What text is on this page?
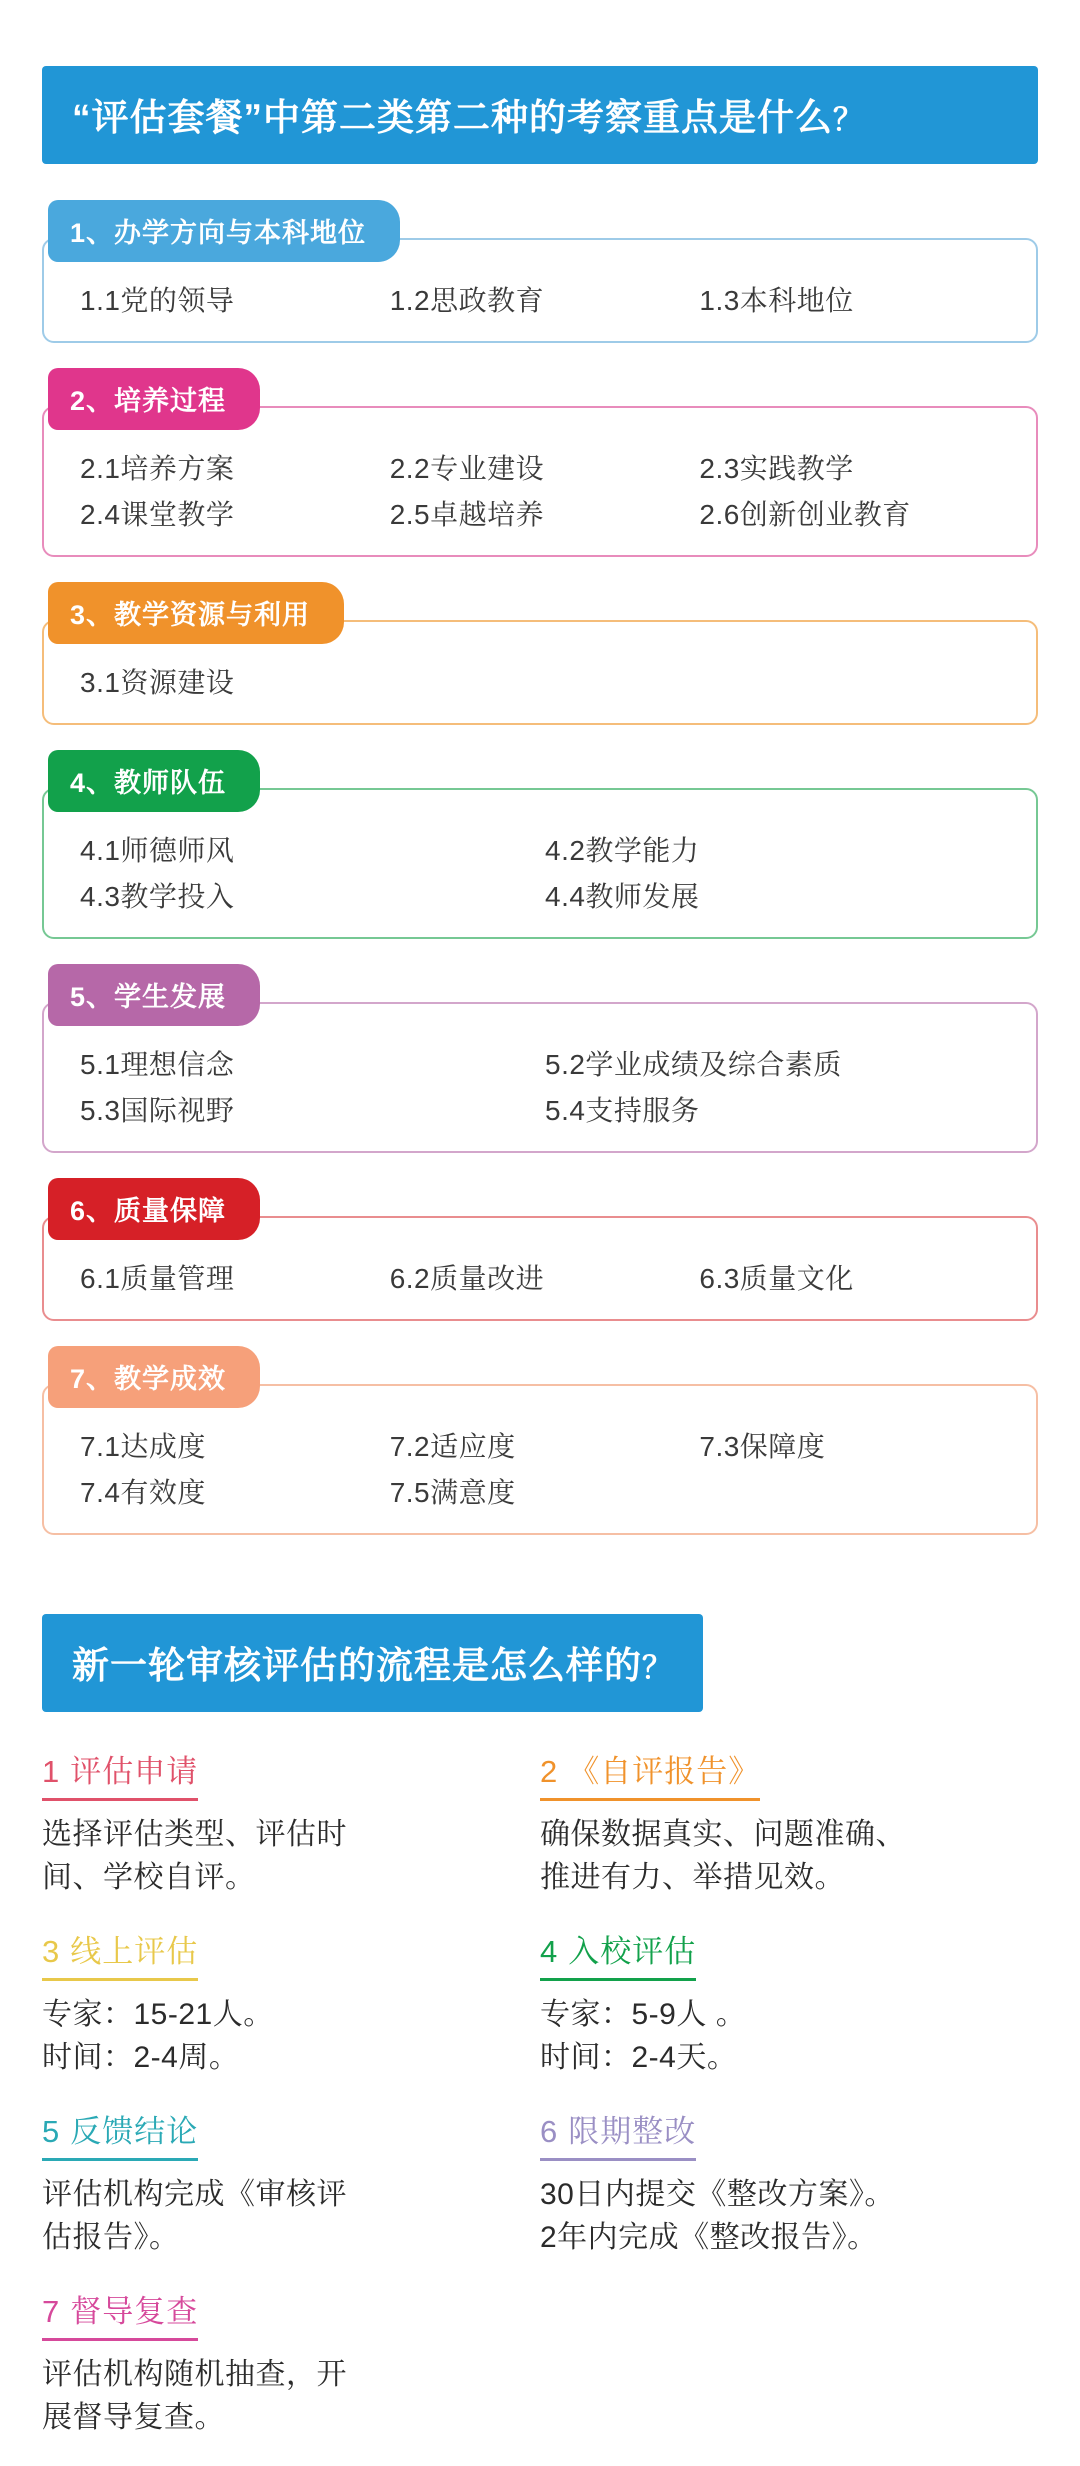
“评估套餐”中第二类第二种的考察重点是什么？
1、办学方向与本科地位
1.1党的领导	1.2思政教育	1.3本科地位
2、培养过程
2.1培养方案	2.2专业建设	2.3实践教学
2.4课堂教学	2.5卓越培养	2.6创新创业教育
3、教学资源与利用
3.1资源建设
4、教师队伍
4.1师德师风	4.2教学能力
4.3教学投入	4.4教师发展
5、学生发展
5.1理想信念	5.2学业成绩及综合素质
5.3国际视野	5.4支持服务
6、质量保障
6.1质量管理	6.2质量改进	6.3质量文化
7、教学成效
7.1达成度	7.2适应度	7.3保障度
7.4有效度	7.5满意度
新一轮审核评估的流程是怎么样的？
1 评估申请
选择评估类型、评估时
间、学校自评。
2 《自评报告》
确保数据真实、问题准确、
推进有力、举措见效。
3 线上评估
专家：15-21人。
时间：2-4周。
4 入校评估
专家：5-9人 。
时间：2-4天。
5 反馈结论
评估机构完成《审核评
估报告》。
6 限期整改
30日内提交《整改方案》。
2年内完成《整改报告》。
7 督导复查
评估机构随机抽查，开
展督导复查。
